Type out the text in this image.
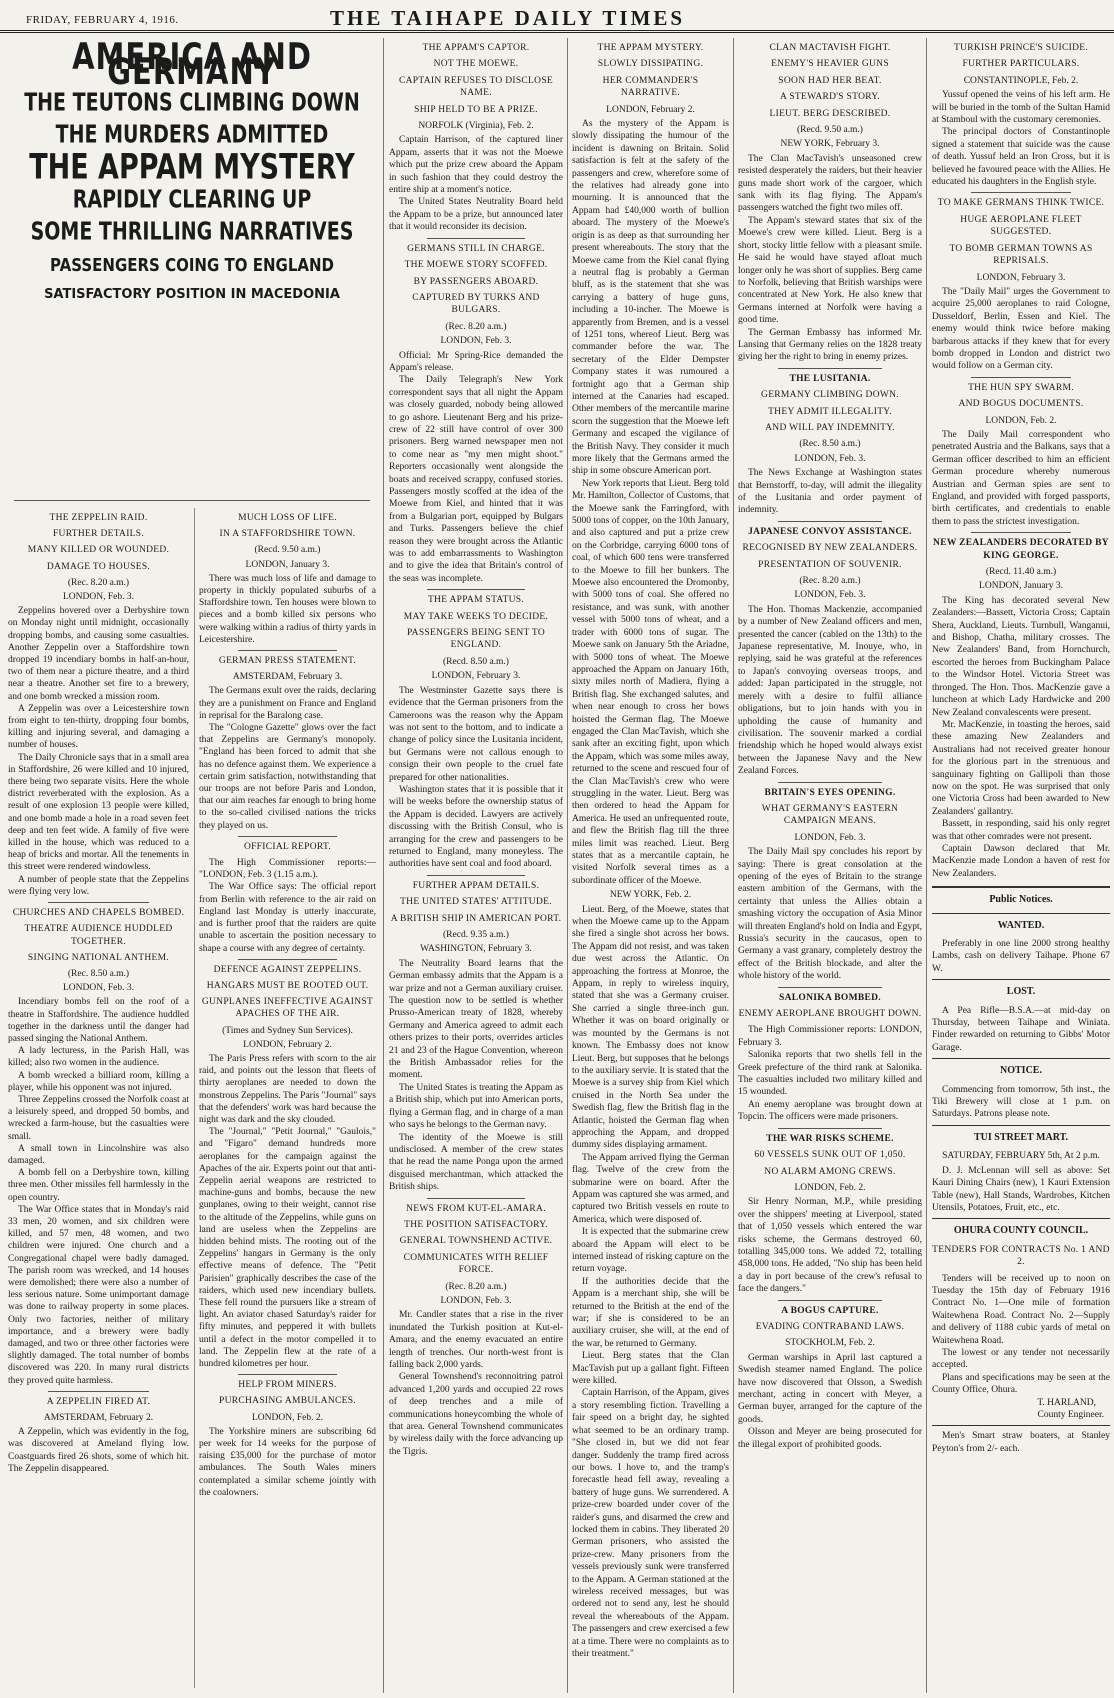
FRIDAY, FEBRUARY 4, 1916.	THE TAIHAPE DAILY TIMES
AMERICA AND GERMANY
THE TEUTONS CLIMBING DOWN
THE MURDERS ADMITTED
THE APPAM MYSTERY
RAPIDLY CLEARING UP
SOME THRILLING NARRATIVES
PASSENGERS COING TO ENGLAND
SATISFACTORY POSITION IN MACEDONIA
THE ZEPPELIN RAID.
FURTHER DETAILS.
MANY KILLED OR WOUNDED.
DAMAGE TO HOUSES.
(Rec. 8.20 a.m.)
LONDON, Feb. 3.

Zeppelins hovered over a Derbyshire town on Monday night until midnight, occasionally dropping bombs, and causing some casualties. Another Zeppelin over a Staffordshire town dropped 19 incendiary bombs in half-an-hour, two of them near a picture theatre, and a third near a theatre. Another set fire to a brewery, and one bomb wrecked a mission room.

A Zeppelin was over a Leicestershire town from eight to ten-thirty, dropping four bombs, killing and injuring several, and damaging a number of houses.

The Daily Chronicle says that in a small area in Staffordshire, 26 were killed and 10 injured, there being two separate visits. Here the whole district reverberated with the explosion. As a result of one explosion 13 people were killed, and one bomb made a hole in a road seven feet deep and ten feet wide. A family of five were killed in the house, which was reduced to a heap of bricks and mortar. All the tenements in this street were rendered windowless.

A number of people state that the Zeppelins were flying very low.

CHURCHES AND CHAPELS BOMBED.
THEATRE AUDIENCE HUDDLED TOGETHER.
SINGING NATIONAL ANTHEM.
(Rec. 8.50 a.m.)
LONDON, Feb. 3.

Incendiary bombs fell on the roof of a theatre in Staffordshire. The audience huddled together in the darkness until the danger had passed singing the National Anthem.

A lady lecturess, in the Parish Hall, was killed; also two women in the audience.

A bomb wrecked a billiard room, killing a player, while his opponent was not injured.

Three Zeppelins crossed the Norfolk coast at a leisurely speed, and dropped 50 bombs, and wrecked a farm-house, but the casualties were small.

A small town in Lincolnshire was also damaged.

A bomb fell on a Derbyshire town, killing three men. Other missiles fell harmlessly in the open country.

The War Office states that in Monday's raid 33 men, 20 women, and six children were killed, and 57 men, 48 women, and two children were injured. One church and a Congregational chapel were badly damaged. The parish room was wrecked, and 14 houses were demolished; there were also a number of less serious nature. Some unimportant damage was done to railway property in some places. Only two factories, neither of military importance, and a brewery were badly damaged, and two or three other factories were slightly damaged. The total number of bombs discovered was 220. In many rural districts they proved quite harmless.

A ZEPPELIN FIRED AT.
AMSTERDAM, February 2.

A Zeppelin, which was evidently in the fog, was discovered at Ameland flying low. Coastguards fired 26 shots, some of which hit. The Zeppelin disappeared.

MUCH LOSS OF LIFE.
IN A STAFFORDSHIRE TOWN.
(Recd. 9.50 a.m.)
LONDON, January 3.

There was much loss of life and damage to property in thickly populated suburbs of a Staffordshire town. Ten houses were blown to pieces and a bomb killed six persons who were walking within a radius of thirty yards in Leicestershire.

GERMAN PRESS STATEMENT.
AMSTERDAM, February 3.

The Germans exult over the raids, declaring they are a punishment on France and England in reprisal for the Baralong case.

The "Cologne Gazette" glows over the fact that Zeppelins are Germany's monopoly. "England has been forced to admit that she has no defence against them. We experience a certain grim satisfaction, notwithstanding that our troops are not before Paris and London, that our aim reaches far enough to bring home to the so-called civilised nations the tricks they played on us.

OFFICIAL REPORT.

The High Commissioner reports:— "LONDON, Feb. 3 (1.15 a.m.).

The War Office says: The official report from Berlin with reference to the air raid on England last Monday is utterly inaccurate, and is further proof that the raiders are quite unable to ascertain the position necessary to shape a course with any degree of certainty.

DEFENCE AGAINST ZEPPELINS.
HANGARS MUST BE ROOTED OUT.
GUNPLANES INEFFECTIVE AGAINST APACHES OF THE AIR.
(Times and Sydney Sun Services).
LONDON, February 2.

The Paris Press refers with scorn to the air raid, and points out the lesson that fleets of thirty aeroplanes are needed to down the monstrous Zeppelins. The Paris "Journal" says that the defenders' work was hard because the night was dark and the sky clouded.

The "Journal," "Petit Journal," "Gaulois," and "Figaro" demand hundreds more aeroplanes for the campaign against the Apaches of the air. Experts point out that anti-Zeppelin aerial weapons are restricted to machine-guns and bombs, because the new gunplanes, owing to their weight, cannot rise to the altitude of the Zeppelins, while guns on land are useless when the Zeppelins are hidden behind mists. The rooting out of the Zeppelins' hangars in Germany is the only effective means of defence. The "Petit Parisien" graphically describes the case of the raiders, which used new incendiary bullets. These fell round the pursuers like a stream of light. An aviator chased Saturday's raider for fifty minutes, and peppered it with bullets until a defect in the motor compelled it to land. The Zeppelin flew at the rate of a hundred kilometres per hour.

HELP FROM MINERS.
PURCHASING AMBULANCES.
LONDON, Feb. 2.

The Yorkshire miners are subscribing 6d per week for 14 weeks for the purpose of raising £35,000 for the purchase of motor ambulances. The South Wales miners contemplated a similar scheme jointly with the coalowners.

THE APPAM'S CAPTOR.
NOT THE MOEWE.
CAPTAIN REFUSES TO DISCLOSE NAME.
SHIP HELD TO BE A PRIZE.
NORFOLK (Virginia), Feb. 2.

Captain Harrison, of the captured liner Appam, asserts that it was not the Moewe which put the prize crew aboard the Appam in such fashion that they could destroy the entire ship at a moment's notice.

The United States Neutrality Board held the Appam to be a prize, but announced later that it would reconsider its decision.

GERMANS STILL IN CHARGE.
THE MOEWE STORY SCOFFED.
BY PASSENGERS ABOARD.
CAPTURED BY TURKS AND BULGARS.
(Rec. 8.20 a.m.)
LONDON, Feb. 3.

Official: Mr Spring-Rice demanded the Appam's release.

The Daily Telegraph's New York correspondent says that all night the Appam was closely guarded, nobody being allowed to go ashore. Lieutenant Berg and his prize-crew of 22 still have control of over 300 prisoners. Berg warned newspaper men not to come near as "my men might shoot." Reporters occasionally went alongside the boats and received scrappy, confused stories. Passengers mostly scoffed at the idea of the Moewe from Kiel, and hinted that it was from a Bulgarian port, equipped by Bulgars and Turks. Passengers believe the chief reason they were brought across the Atlantic was to add embarrassments to Washington and to give the idea that Britain's control of the seas was incomplete.

THE APPAM STATUS.
MAY TAKE WEEKS TO DECIDE.
PASSENGERS BEING SENT TO ENGLAND.
(Recd. 8.50 a.m.)
LONDON, February 3.

The Westminster Gazette says there is evidence that the German prisoners from the Cameroons was the reason why the Appam was not sent to the bottom, and to indicate a change of policy since the Lusitania incident, but Germans were not callous enough to consign their own people to the cruel fate prepared for other nationalities.

Washington states that it is possible that it will be weeks before the ownership status of the Appam is decided. Lawyers are actively discussing with the British Consul, who is arranging for the crew and passengers to be returned to England, many moneyless. The authorities have sent coal and food aboard.

FURTHER APPAM DETAILS.
THE UNITED STATES' ATTITUDE.
A BRITISH SHIP IN AMERICAN PORT.
(Recd. 9.35 a.m.)
WASHINGTON, February 3.

The Neutrality Board learns that the German embassy admits that the Appam is a war prize and not a German auxiliary cruiser. The question now to be settled is whether Prusso-American treaty of 1828, whereby Germany and America agreed to admit each others prizes to their ports, overrides articles 21 and 23 of the Hague Convention, whereon the British Ambassador relies for the moment.

The United States is treating the Appam as a British ship, which put into American ports, flying a German flag, and in charge of a man who says he belongs to the German navy.

The identity of the Moewe is still undisclosed. A member of the crew states that he read the name Ponga upon the armed disguised merchantman, which attacked the British ships.

NEWS FROM KUT-EL-AMARA.
THE POSITION SATISFACTORY.
GENERAL TOWNSHEND ACTIVE.
COMMUNICATES WITH RELIEF FORCE.
(Rec. 8.20 a.m.)
LONDON, Feb. 3.

Mr. Candler states that a rise in the river inundated the Turkish position at Kut-el-Amara, and the enemy evacuated an entire length of trenches. Our north-west front is falling back 2,000 yards.

General Townshend's reconnoitring patrol advanced 1,200 yards and occupied 22 rows of deep trenches and a mile of communications honeycombing the whole of that area. General Townshend communicates by wireless daily with the force advancing up the Tigris.

THE APPAM MYSTERY.
SLOWLY DISSIPATING.
HER COMMANDER'S NARRATIVE.
LONDON, February 2.

As the mystery of the Appam is slowly dissipating the humour of the incident is dawning on Britain. Solid satisfaction is felt at the safety of the passengers and crew, wherefore some of the relatives had already gone into mourning. It is announced that the Appam had £40,000 worth of bullion aboard. The mystery of the Moewe's origin is as deep as that surrounding her present whereabouts. The story that the Moewe came from the Kiel canal flying a neutral flag is probably a German bluff, as is the statement that she was carrying a battery of huge guns, including a 10-incher. The Moewe is apparently from Bremen, and is a vessel of 1251 tons, whereof Lieut. Berg was commander before the war. The secretary of the Elder Dempster Company states it was rumoured a fortnight ago that a German ship interned at the Canaries had escaped. Other members of the mercantile marine scorn the suggestion that the Moewe left Germany and escaped the vigilance of the British Navy. They consider it much more likely that the Germans armed the ship in some obscure American port.

New York reports that Lieut. Berg told Mr. Hamilton, Collector of Customs, that the Moewe sank the Farringford, with 5000 tons of copper, on the 10th January, and also captured and put a prize crew on the Corbridge, carrying 6000 tons of coal, of which 600 tens were transferred to the Moewe to fill her bunkers. The Moewe also encountered the Dromonby, with 5000 tons of coal. She offered no resistance, and was sunk, with another vessel with 5000 tons of wheat, and a trader with 6000 tons of sugar. The Moewe sank on January 5th the Ariadne, with 5000 tons of wheat. The Moewe approached the Appam on January 16th, sixty miles north of Madiera, flying a British flag. She exchanged salutes, and when near enough to cross her bows hoisted the German flag. The Moewe engaged the Clan MacTavish, which she sank after an exciting fight, upon which the Appam, which was some miles away, returned to the scene and rescued four of the Clan MacTavish's crew who were struggling in the water. Lieut. Berg was then ordered to head the Appam for America. He used an unfrequented route, and flew the British flag till the three miles limit was reached. Lieut. Berg states that as a mercantile captain, he visited Norfolk several times as a subordinate officer of the Moewe.

NEW YORK, Feb. 2.

Lieut. Berg, of the Moewe, states that when the Moewe came up to the Appam she fired a single shot across her bows. The Appam did not resist, and was taken due west across the Atlantic. On approaching the fortress at Monroe, the Appam, in reply to wireless inquiry, stated that she was a Germany cruiser. She carried a single three-inch gun. Whether it was on board originally or was mounted by the Germans is not known. The Embassy does not know Lieut. Berg, but supposes that he belongs to the auxiliary servie. It is stated that the Moewe is a survey ship from Kiel which cruised in the North Sea under the Swedish flag, flew the British flag in the Atlantic, hoisted the German flag when approching the Appam, and dropped dummy sides displaying armament.

The Appam arrived flying the German flag. Twelve of the crew from the submarine were on board. After the Appam was captured she was armed, and captured two British vessels en route to America, which were disposed of.

It is expected that the submarine crew aboard the Appam will elect to be interned instead of risking capture on the return voyage.

If the authorities decide that the Appam is a merchant ship, she will be returned to the British at the end of the war; if she is considered to be an auxiliary cruiser, she will, at the end of the war, be returned to Germany.

Lieut. Berg states that the Clan MacTavish put up a gallant fight. Fifteen were killed.

Captain Harrison, of the Appam, gives a story resembling fiction. Travelling a fair speed on a bright day, he sighted what seemed to be an ordinary tramp. "She closed in, but we did not fear danger. Suddenly the tramp fired across our bows. I hove to, and the tramp's forecastle head fell away, revealing a battery of huge guns. We surrendered. A prize-crew boarded under cover of the raider's guns, and disarmed the crew and locked them in cabins. They liberated 20 German prisoners, who assisted the prize-crew. Many prisoners from the vessels previously sunk were transferred to the Appam. A German stationed at the wireless received messages, but was ordered not to send any, lest he should reveal the whereabouts of the Appam. The passengers and crew exercised a few at a time. There were no complaints as to their treatment."

CLAN MACTAVISH FIGHT.
ENEMY'S HEAVIER GUNS
SOON HAD HER BEAT.
A STEWARD'S STORY.
LIEUT. BERG DESCRIBED.
(Recd. 9.50 a.m.)
NEW YORK, February 3.

The Clan MacTavish's unseasoned crew resisted desperately the raiders, but their heavier guns made short work of the cargoer, which sank with its flag flying. The Appam's passengers watched the fight two miles off.

The Appam's steward states that six of the Moewe's crew were killed. Lieut. Berg is a short, stocky little fellow with a pleasant smile. He said he would have stayed afloat much longer only he was short of supplies. Berg came to Norfolk, believing that British warships were concentrated at New York. He also knew that Germans interned at Norfolk were having a good time.

The German Embassy has informed Mr. Lansing that Germany relies on the 1828 treaty giving her the right to bring in enemy prizes.

THE LUSITANIA.
GERMANY CLIMBING DOWN.
THEY ADMIT ILLEGALITY.
AND WILL PAY INDEMNITY.
(Rec. 8.50 a.m.)
LONDON, Feb. 3.

The News Exchange at Washington states that Bernstorff, to-day, will admit the illegality of the Lusitania and order payment of indemnity.

JAPANESE CONVOY ASSISTANCE.
RECOGNISED BY NEW ZEALANDERS.
PRESENTATION OF SOUVENIR.
(Rec. 8.20 a.m.)
LONDON, Feb. 3.

The Hon. Thomas Mackenzie, accompanied by a number of New Zealand officers and men, presented the cancer (cabled on the 13th) to the Japanese representative, M. Inouye, who, in replying, said he was grateful at the references to Japan's convoying overseas troops, and added: Japan participated in the struggle, not merely with a desire to fulfil alliance obligations, but to join hands with you in upholding the cause of humanity and civilisation. The souvenir marked a cordial friendship which he hoped would always exist between the Japanese Navy and the New Zealand Forces.

BRITAIN'S EYES OPENING.
WHAT GERMANY'S EASTERN CAMPAIGN MEANS.
LONDON, Feb. 3.

The Daily Mail spy concludes his report by saying: There is great consolation at the opening of the eyes of Britain to the strange eastern ambition of the Germans, with the certainty that unless the Allies obtain a smashing victory the occupation of Asia Minor will threaten England's hold on India and Egypt, Russia's security in the caucasus, open to Germany a vast granary, completely destroy the effect of the British blockade, and alter the whole history of the world.

SALONIKA BOMBED.
ENEMY AEROPLANE BROUGHT DOWN.

The High Commissioner reports: LONDON, February 3.

Salonika reports that two shells fell in the Greek prefecture of the third rank at Salonika. The casualties included two military killed and 15 wounded.

An enemy aeroplane was brought down at Topcin. The officers were made prisoners.

THE WAR RISKS SCHEME.
60 VESSELS SUNK OUT OF 1,050.
NO ALARM AMONG CREWS.
LONDON, Feb. 2.

Sir Henry Norman, M.P., while presiding over the shippers' meeting at Liverpool, stated that of 1,050 vessels which entered the war risks scheme, the Germans destroyed 60, totalling 345,000 tons. We added 72, totalling 458,000 tons. He added, "No ship has been held a day in port because of the crew's refusal to face the dangers."

A BOGUS CAPTURE.
EVADING CONTRABAND LAWS.
STOCKHOLM, Feb. 2.

German warships in April last captured a Swedish steamer named England. The police have now discovered that Olsson, a Swedish merchant, acting in concert with Meyer, a German buyer, arranged for the capture of the goods.

Olsson and Meyer are being prosecuted for the illegal export of prohibited goods.

TURKISH PRINCE'S SUICIDE.
FURTHER PARTICULARS.
CONSTANTINOPLE, Feb. 2.

Yussuf opened the veins of his left arm. He will be buried in the tomb of the Sultan Hamid at Stamboul with the customary ceremonies.

The principal doctors of Constantinople signed a statement that suicide was the cause of death. Yussuf held an Iron Cross, but it is believed he favoured peace with the Allies. He educated his daughters in the English style.

TO MAKE GERMANS THINK TWICE.
HUGE AEROPLANE FLEET SUGGESTED.
TO BOMB GERMAN TOWNS AS REPRISALS.
LONDON, February 3.

The "Daily Mail" urges the Government to acquire 25,000 aeroplanes to raid Cologne, Dusseldorf, Berlin, Essen and Kiel. The enemy would think twice before making barbarous attacks if they knew that for every bomb dropped in London and district two would follow on a German city.

THE HUN SPY SWARM.
AND BOGUS DOCUMENTS.
LONDON, Feb. 2.

The Daily Mail correspondent who penetrated Austria and the Balkans, says that a German officer described to him an efficient German procedure whereby numerous Austrian and German spies are sent to England, and provided with forged passports, birth certificates, and credentials to enable them to pass the strictest investigation.

NEW ZEALANDERS DECORATED BY KING GEORGE.
(Recd. 11.40 a.m.)
LONDON, January 3.

The King has decorated several New Zealanders:—Bassett, Victoria Cross; Captain Shera, Auckland, Lieuts. Turnbull, Wanganui, and Bishop, Chatha, military crosses. The New Zealanders' Band, from Hornchurch, escorted the heroes from Buckingham Palace to the Windsor Hotel. Victoria Street was thronged. The Hon. Thos. MacKenzie gave a luncheon at which Lady Hardwicke and 200 New Zealand convalescents were present.

Mr. MacKenzie, in toasting the heroes, said these amazing New Zealanders and Australians had not received greater honour for the glorious part in the strenuous and sanguinary fighting on Gallipoli than those now on the spot. He was surprised that only one Victoria Cross had been awarded to New Zealanders' gallantry.

Bassett, in responding, said his only regret was that other comrades were not present.

Captain Dawson declared that Mr. MacKenzie made London a haven of rest for New Zealanders.

Public Notices.
WANTED.

Preferably in one line 2000 strong healthy Lambs, cash on delivery Taihape. Phone 67 W.

LOST.

A Pea Rifle—B.S.A.—at mid-day on Thursday, between Taihape and Winiata. Finder rewarded on returning to Gibbs' Motor Garage.

NOTICE.

Commencing from tomorrow, 5th inst., the Tiki Brewery will close at 1 p.m. on Saturdays. Patrons please note.

TUI STREET MART.
SATURDAY, FEBRUARY 5th, At 2 p.m.

D. J. McLennan will sell as above: Set Kauri Dining Chairs (new), 1 Kauri Extension Table (new), Hall Stands, Wardrobes, Kitchen Utensils, Potatoes, Fruit, etc., etc.

OHURA COUNTY COUNCIL.
TENDERS FOR CONTRACTS No. 1 AND 2.

Tenders will be received up to noon on Tuesday the 15th day of February 1916 Contract No. 1—One mile of formation Waitewhena Road. Contract No. 2—Supply and delivery of 1188 cubic yards of metal on Waitewhena Road.

The lowest or any tender not necessarily accepted.

Plans and specifications may be seen at the County Office, Ohura.

T. HARLAND,
County Engineer.

Men's Smart straw boaters, at Stanley Peyton's from 2/- each.
